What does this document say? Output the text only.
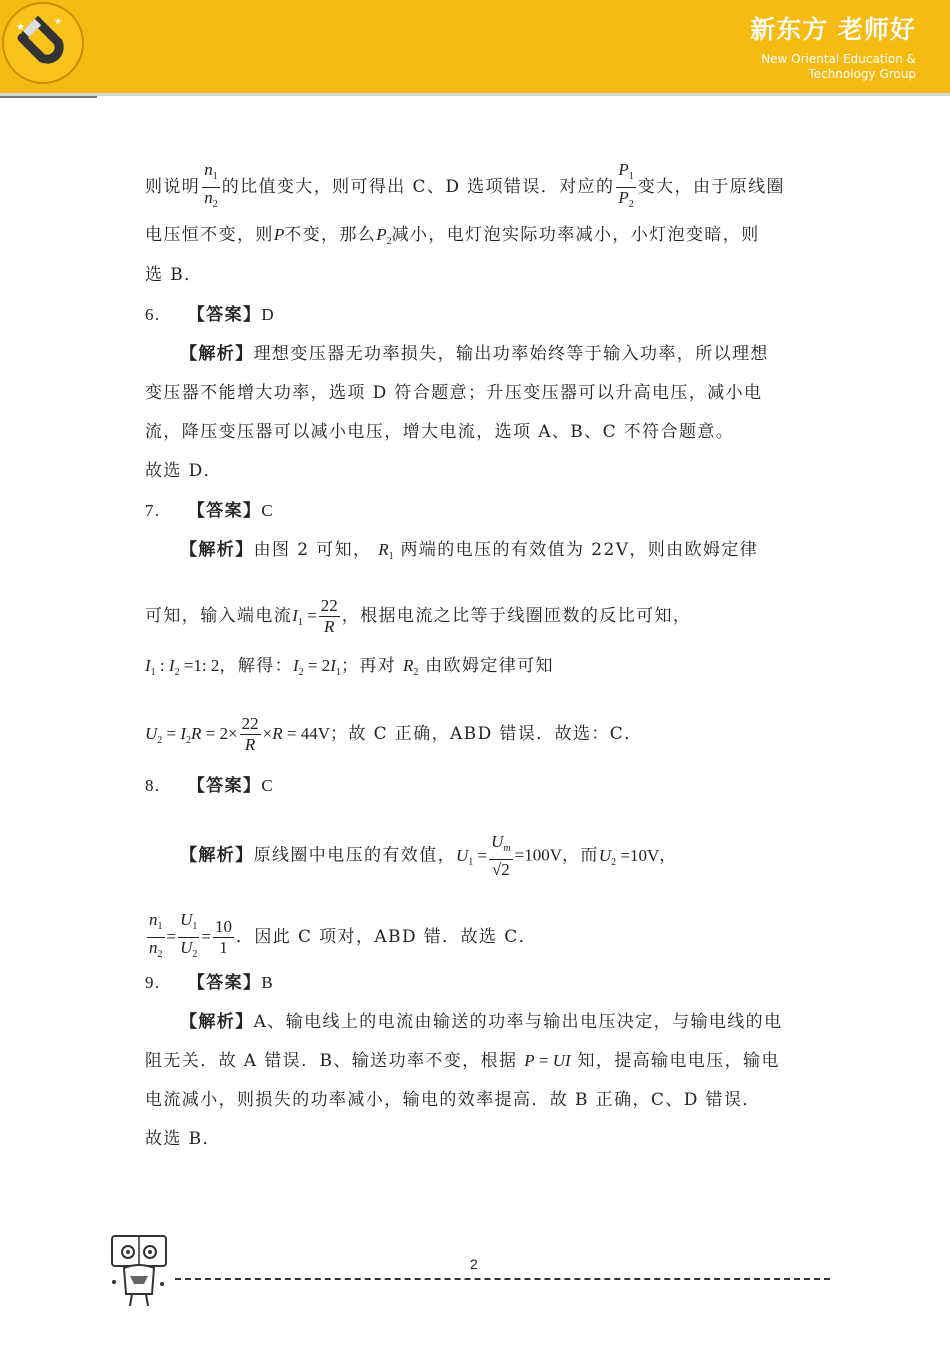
★	★	新东方 老师好
New Oriental Education &
Technology Group
则说明 $\frac{n_1}{n_2}$ 的比值变大，则可得出 C、D 选项错误．对应的 $\frac{P_1}{P_2}$ 变大，由于原线圈
电压恒不变，则P不变，那么$P_2$减小，电灯泡实际功率减小，小灯泡变暗，则
选 B．
6. 【答案】D
【解析】理想变压器无功率损失，输出功率始终等于输入功率，所以理想
变压器不能增大功率，选项 D 符合题意；升压变压器可以升高电压，减小电
流，降压变压器可以减小电压，增大电流，选项 A、B、C 不符合题意。
故选 D．
7. 【答案】C
【解析】由图 2 可知， $R_1$ 两端的电压的有效值为 22V，则由欧姆定律
可知，输入端电流$I_1 = \frac{22}{R}$ ，根据电流之比等于线圈匝数的反比可知，
$I_1$ : $I_2 =1$: 2，解得：$I_2 = 2I_1$；再对 $R_2$ 由欧姆定律可知
$U_2 = I_2R = 2\times \frac{22}{R} \times R = 44V$；故 C 正确，ABD 错误．故选：C．
8. 【答案】C
【解析】原线圈中电压的有效值，$U_1 = \frac{U_m}{√2} =100V$，而$U_2 =10V$，
$\frac{n_1}{n_2} = \frac{U_1}{U_2} = \frac{10}{1}$ ．因此 C 项对，ABD 错．故选 C．
9. 【答案】B
【解析】A、输电线上的电流由输送的功率与输出电压决定，与输电线的电
阻无关．故 A 错误．B、输送功率不变，根据 P = UI 知，提高输电电压，输电
电流减小，则损失的功率减小，输电的效率提高．故 B 正确，C、D 错误．
故选 B．
2
